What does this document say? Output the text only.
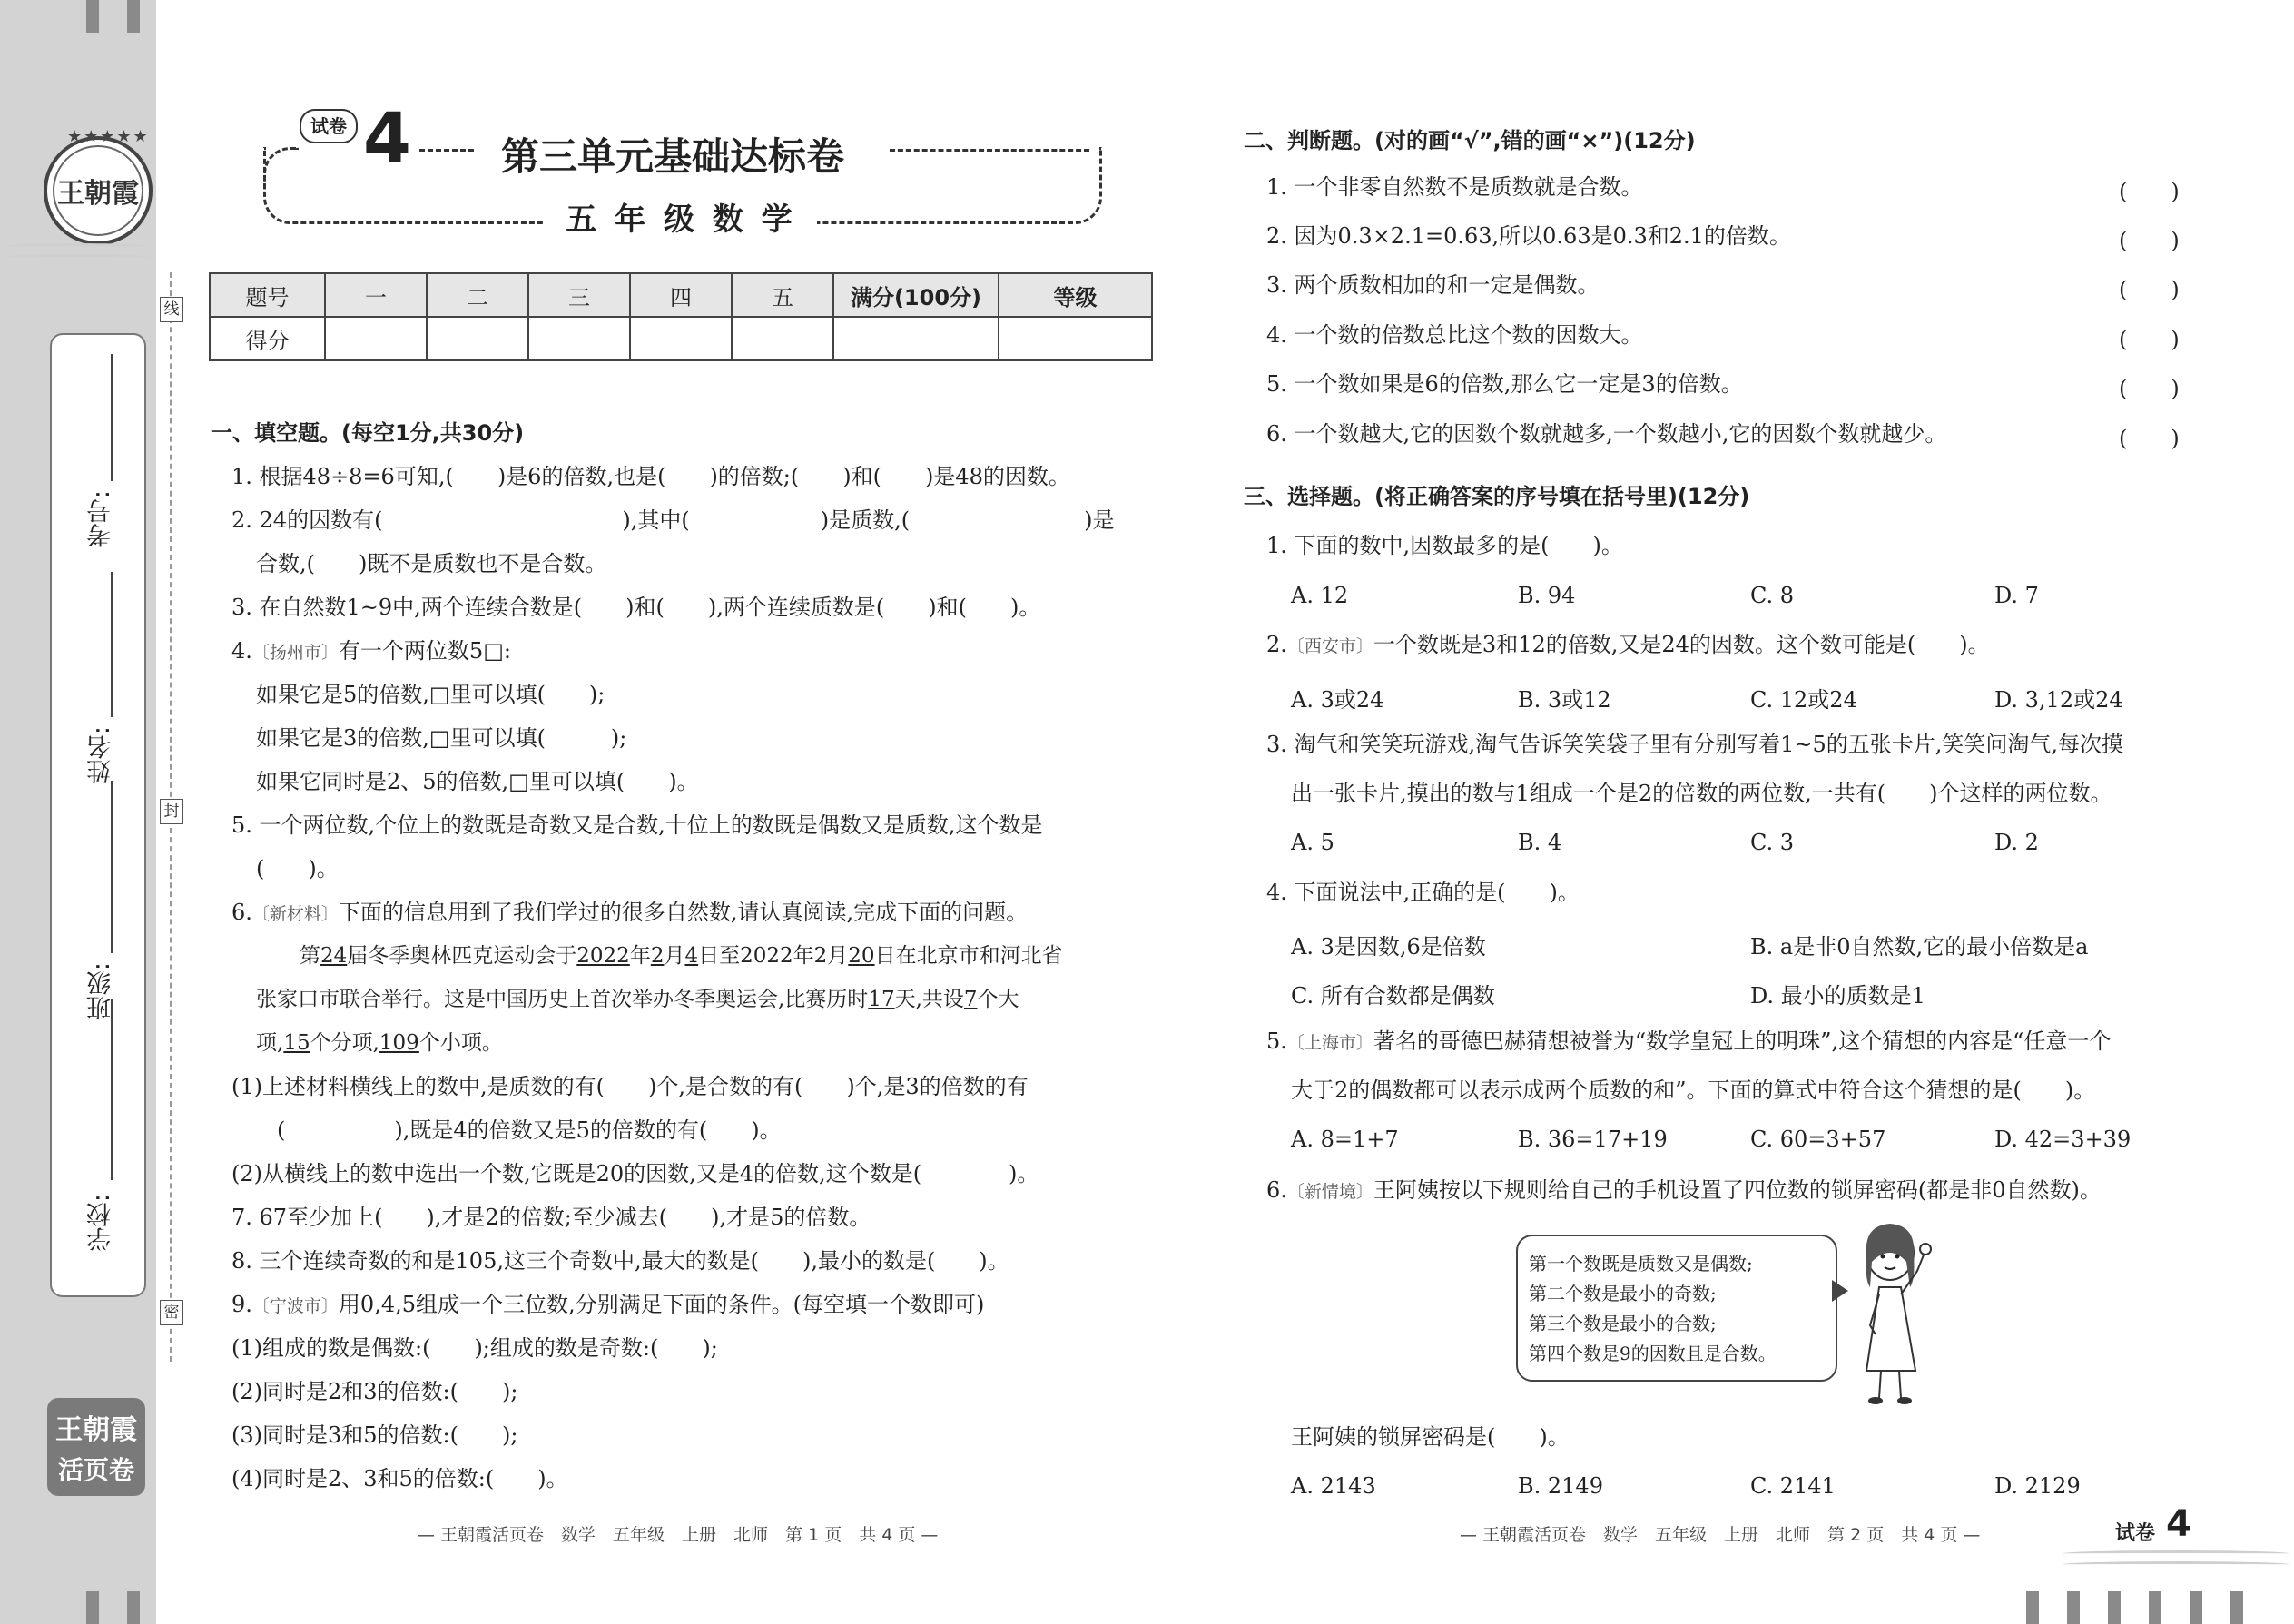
王朝霞
★★★★★
学校:
班级:
姓名:
考号:
王朝霞
活页卷
线
封
密
试卷 4 第三单元基础达标卷
五 年 级 数 学
题号	一	二	三	四	五	满分(100分)	等级
得分							
一、填空题。(每空1分,共30分)
1. 根据48÷8=6可知,(　　)是6的倍数,也是(　　)的倍数;(　　)和(　　)是48的因数。
2. 24的因数有(　　　　　　　　　　　),其中(　　　　　　)是质数,(　　　　　　　　)是
合数,(　　)既不是质数也不是合数。
3. 在自然数1~9中,两个连续合数是(　　)和(　　),两个连续质数是(　　)和(　　)。
4.〔扬州市〕有一个两位数5□:
如果它是5的倍数,□里可以填(　　);
如果它是3的倍数,□里可以填(　　　);
如果它同时是2、5的倍数,□里可以填(　　)。
5. 一个两位数,个位上的数既是奇数又是合数,十位上的数既是偶数又是质数,这个数是
(　　)。
6.〔新材料〕下面的信息用到了我们学过的很多自然数,请认真阅读,完成下面的问题。
第24届冬季奥林匹克运动会于2022年2月4日至2022年2月20日在北京市和河北省
张家口市联合举行。这是中国历史上首次举办冬季奥运会,比赛历时17天,共设7个大
项,15个分项,109个小项。
(1)上述材料横线上的数中,是质数的有(　　)个,是合数的有(　　)个,是3的倍数的有
(　　　　　),既是4的倍数又是5的倍数的有(　　)。
(2)从横线上的数中选出一个数,它既是20的因数,又是4的倍数,这个数是(　　　　)。
7. 67至少加上(　　),才是2的倍数;至少减去(　　),才是5的倍数。
8. 三个连续奇数的和是105,这三个奇数中,最大的数是(　　),最小的数是(　　)。
9.〔宁波市〕用0,4,5组成一个三位数,分别满足下面的条件。(每空填一个数即可)
(1)组成的数是偶数:(　　);组成的数是奇数:(　　);
(2)同时是2和3的倍数:(　　);
(3)同时是3和5的倍数:(　　);
(4)同时是2、3和5的倍数:(　　)。
— 王朝霞活页卷　数学　五年级　上册　北师　第 1 页　共 4 页 —
二、判断题。(对的画“√”,错的画“×”)(12分)
1. 一个非零自然数不是质数就是合数。	(　　)
2. 因为0.3×2.1=0.63,所以0.63是0.3和2.1的倍数。	(　　)
3. 两个质数相加的和一定是偶数。	(　　)
4. 一个数的倍数总比这个数的因数大。	(　　)
5. 一个数如果是6的倍数,那么它一定是3的倍数。	(　　)
6. 一个数越大,它的因数个数就越多,一个数越小,它的因数个数就越少。	(　　)
三、选择题。(将正确答案的序号填在括号里)(12分)
1. 下面的数中,因数最多的是(　　)。
A. 12	B. 94	C. 8	D. 7
2.〔西安市〕一个数既是3和12的倍数,又是24的因数。这个数可能是(　　)。
A. 3或24	B. 3或12	C. 12或24	D. 3,12或24
3. 淘气和笑笑玩游戏,淘气告诉笑笑袋子里有分别写着1~5的五张卡片,笑笑问淘气,每次摸
出一张卡片,摸出的数与1组成一个是2的倍数的两位数,一共有(　　)个这样的两位数。
A. 5	B. 4	C. 3	D. 2
4. 下面说法中,正确的是(　　)。
A. 3是因数,6是倍数	B. a是非0自然数,它的最小倍数是a
C. 所有合数都是偶数	D. 最小的质数是1
5.〔上海市〕著名的哥德巴赫猜想被誉为“数学皇冠上的明珠”,这个猜想的内容是“任意一个
大于2的偶数都可以表示成两个质数的和”。下面的算式中符合这个猜想的是(　　)。
A. 8=1+7	B. 36=17+19	C. 60=3+57	D. 42=3+39
6.〔新情境〕王阿姨按以下规则给自己的手机设置了四位数的锁屏密码(都是非0自然数)。
第一个数既是质数又是偶数;
第二个数是最小的奇数;
第三个数是最小的合数;
第四个数是9的因数且是合数。
王阿姨的锁屏密码是(　　)。
A. 2143	B. 2149	C. 2141	D. 2129
— 王朝霞活页卷　数学　五年级　上册　北师　第 2 页　共 4 页 —	试卷 4
